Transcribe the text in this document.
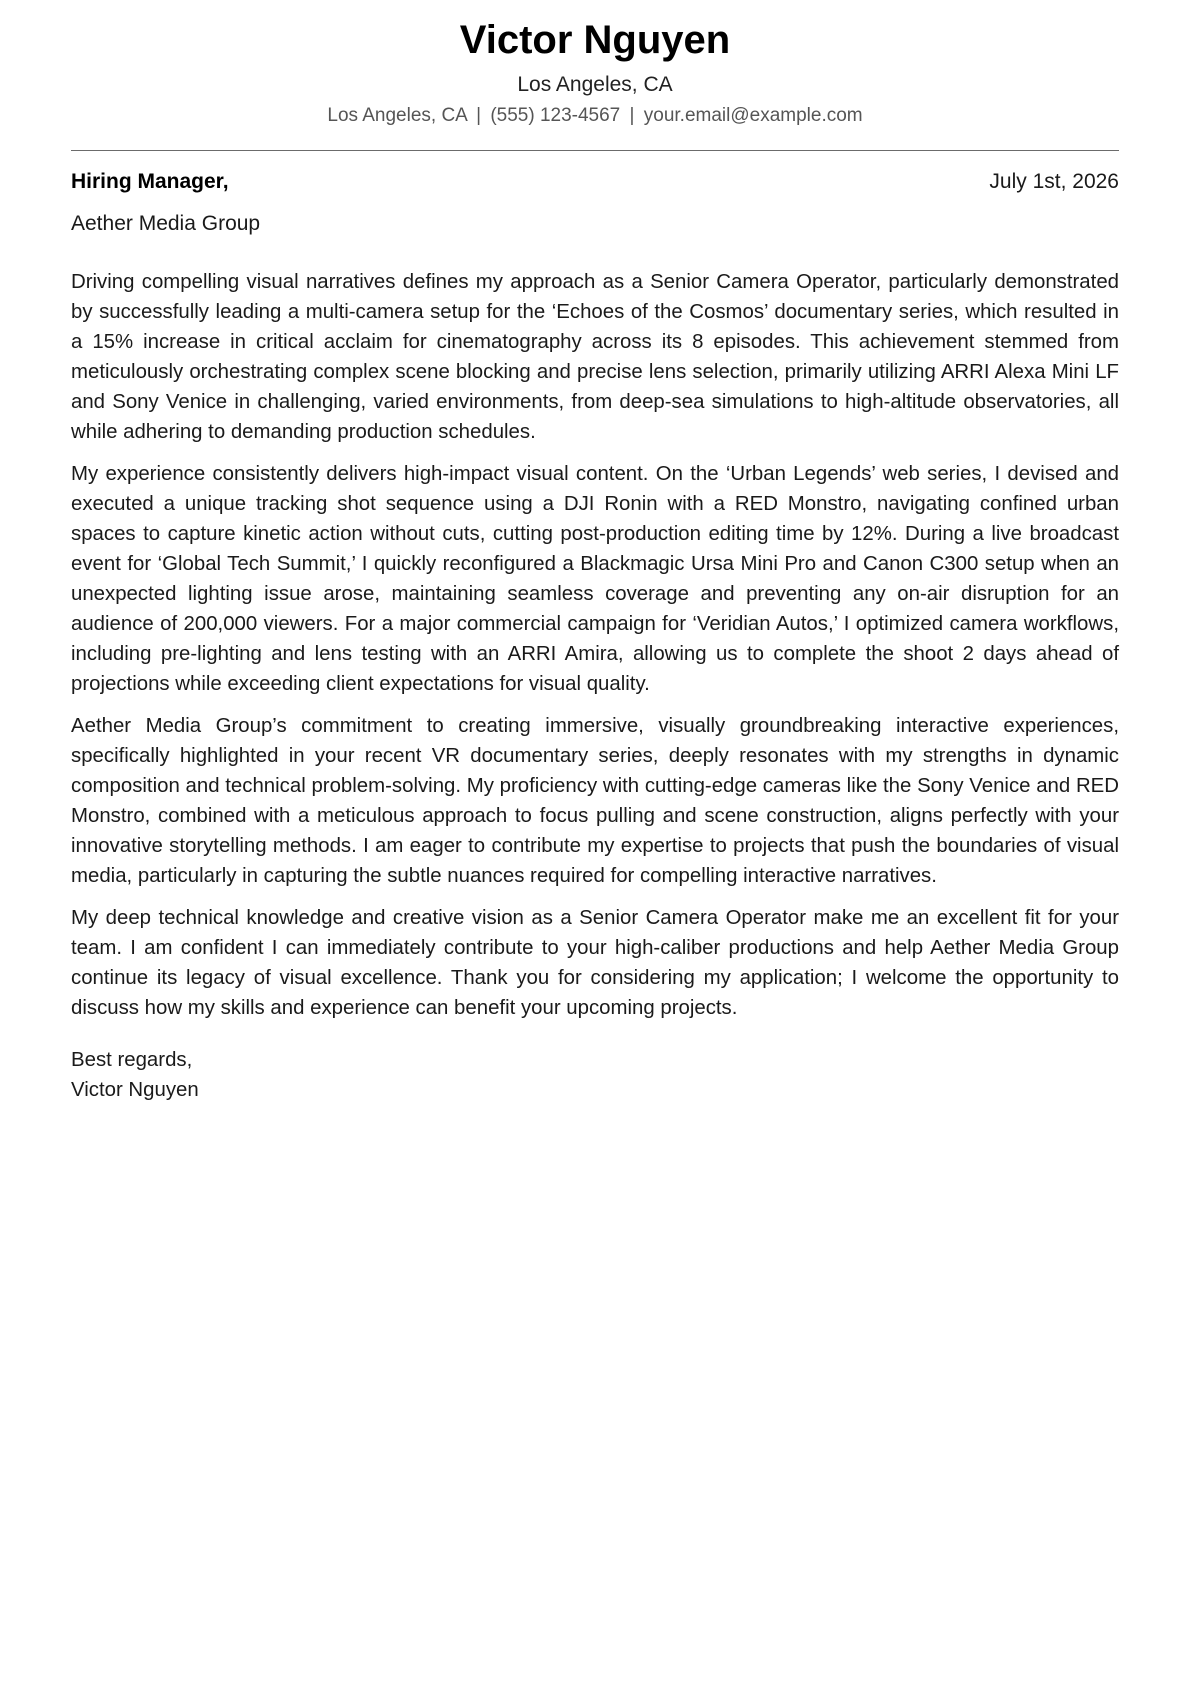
Victor Nguyen
Los Angeles, CA
Los Angeles, CA | (555) 123-4567 | your.email@example.com
Hiring Manager,	July 1st, 2026
Aether Media Group

Driving compelling visual narratives defines my approach as a Senior Camera Operator, particularly demonstrated by successfully leading a multi-camera setup for the ‘Echoes of the Cosmos’ documentary series, which resulted in a 15% increase in critical acclaim for cinematography across its 8 episodes. This achievement stemmed from meticulously orchestrating complex scene blocking and precise lens selection, primarily utilizing ARRI Alexa Mini LF and Sony Venice in challenging, varied environments, from deep-sea simulations to high-altitude observatories, all while adhering to demanding production schedules.

My experience consistently delivers high-impact visual content. On the ‘Urban Legends’ web series, I devised and executed a unique tracking shot sequence using a DJI Ronin with a RED Monstro, navigating confined urban spaces to capture kinetic action without cuts, cutting post-production editing time by 12%. During a live broadcast event for ‘Global Tech Summit,’ I quickly reconfigured a Blackmagic Ursa Mini Pro and Canon C300 setup when an unexpected lighting issue arose, maintaining seamless coverage and preventing any on-air disruption for an audience of 200,000 viewers. For a major commercial campaign for ‘Veridian Autos,’ I optimized camera workflows, including pre-lighting and lens testing with an ARRI Amira, allowing us to complete the shoot 2 days ahead of projections while exceeding client expectations for visual quality.

Aether Media Group’s commitment to creating immersive, visually groundbreaking interactive experiences, specifically highlighted in your recent VR documentary series, deeply resonates with my strengths in dynamic composition and technical problem-solving. My proficiency with cutting-edge cameras like the Sony Venice and RED Monstro, combined with a meticulous approach to focus pulling and scene construction, aligns perfectly with your innovative storytelling methods. I am eager to contribute my expertise to projects that push the boundaries of visual media, particularly in capturing the subtle nuances required for compelling interactive narratives.

My deep technical knowledge and creative vision as a Senior Camera Operator make me an excellent fit for your team. I am confident I can immediately contribute to your high-caliber productions and help Aether Media Group continue its legacy of visual excellence. Thank you for considering my application; I welcome the opportunity to discuss how my skills and experience can benefit your upcoming projects.

Best regards,
Victor Nguyen
